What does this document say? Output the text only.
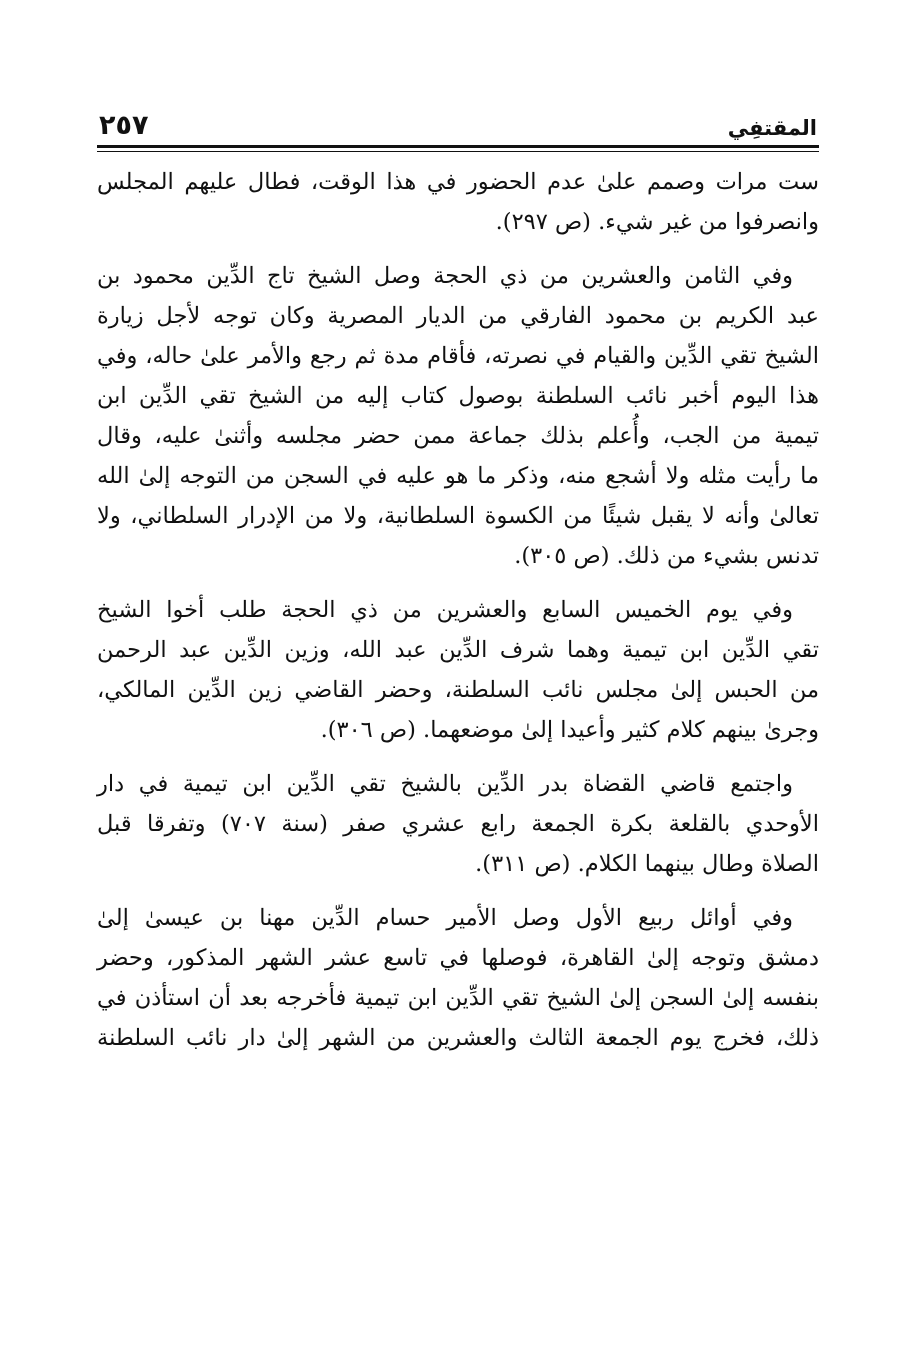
المقتفِي
٢٥٧
ست مرات وصمم علىٰ عدم الحضور في هذا الوقت، فطال عليهم المجلس
وانصرفوا من غير شيء. (ص ٢٩٧).
وفي الثامن والعشرين من ذي الحجة وصل الشيخ تاج الدِّين محمود بن
عبد الكريم بن محمود الفارقي من الديار المصرية وكان توجه لأجل زيارة
الشيخ تقي الدِّين والقيام في نصرته، فأقام مدة ثم رجع والأمر علىٰ حاله، وفي
هذا اليوم أخبر نائب السلطنة بوصول كتاب إليه من الشيخ تقي الدِّين ابن
تيمية من الجب، وأُعلم بذلك جماعة ممن حضر مجلسه وأثنىٰ عليه، وقال
ما رأيت مثله ولا أشجع منه، وذكر ما هو عليه في السجن من التوجه إلىٰ الله
تعالىٰ وأنه لا يقبل شيئًا من الكسوة السلطانية، ولا من الإدرار السلطاني، ولا
تدنس بشيء من ذلك. (ص ٣٠٥).
وفي يوم الخميس السابع والعشرين من ذي الحجة طلب أخوا الشيخ
تقي الدِّين ابن تيمية وهما شرف الدِّين عبد الله، وزين الدِّين عبد الرحمن
من الحبس إلىٰ مجلس نائب السلطنة، وحضر القاضي زين الدِّين المالكي،
وجرىٰ بينهم كلام كثير وأعيدا إلىٰ موضعهما. (ص ٣٠٦).
واجتمع قاضي القضاة بدر الدِّين بالشيخ تقي الدِّين ابن تيمية في دار
الأوحدي بالقلعة بكرة الجمعة رابع عشري صفر (سنة ٧٠٧) وتفرقا قبل
الصلاة وطال بينهما الكلام. (ص ٣١١).
وفي أوائل ربيع الأول وصل الأمير حسام الدِّين مهنا بن عيسىٰ إلىٰ
دمشق وتوجه إلىٰ القاهرة، فوصلها في تاسع عشر الشهر المذكور، وحضر
بنفسه إلىٰ السجن إلىٰ الشيخ تقي الدِّين ابن تيمية فأخرجه بعد أن استأذن في
ذلك، فخرج يوم الجمعة الثالث والعشرين من الشهر إلىٰ دار نائب السلطنة
